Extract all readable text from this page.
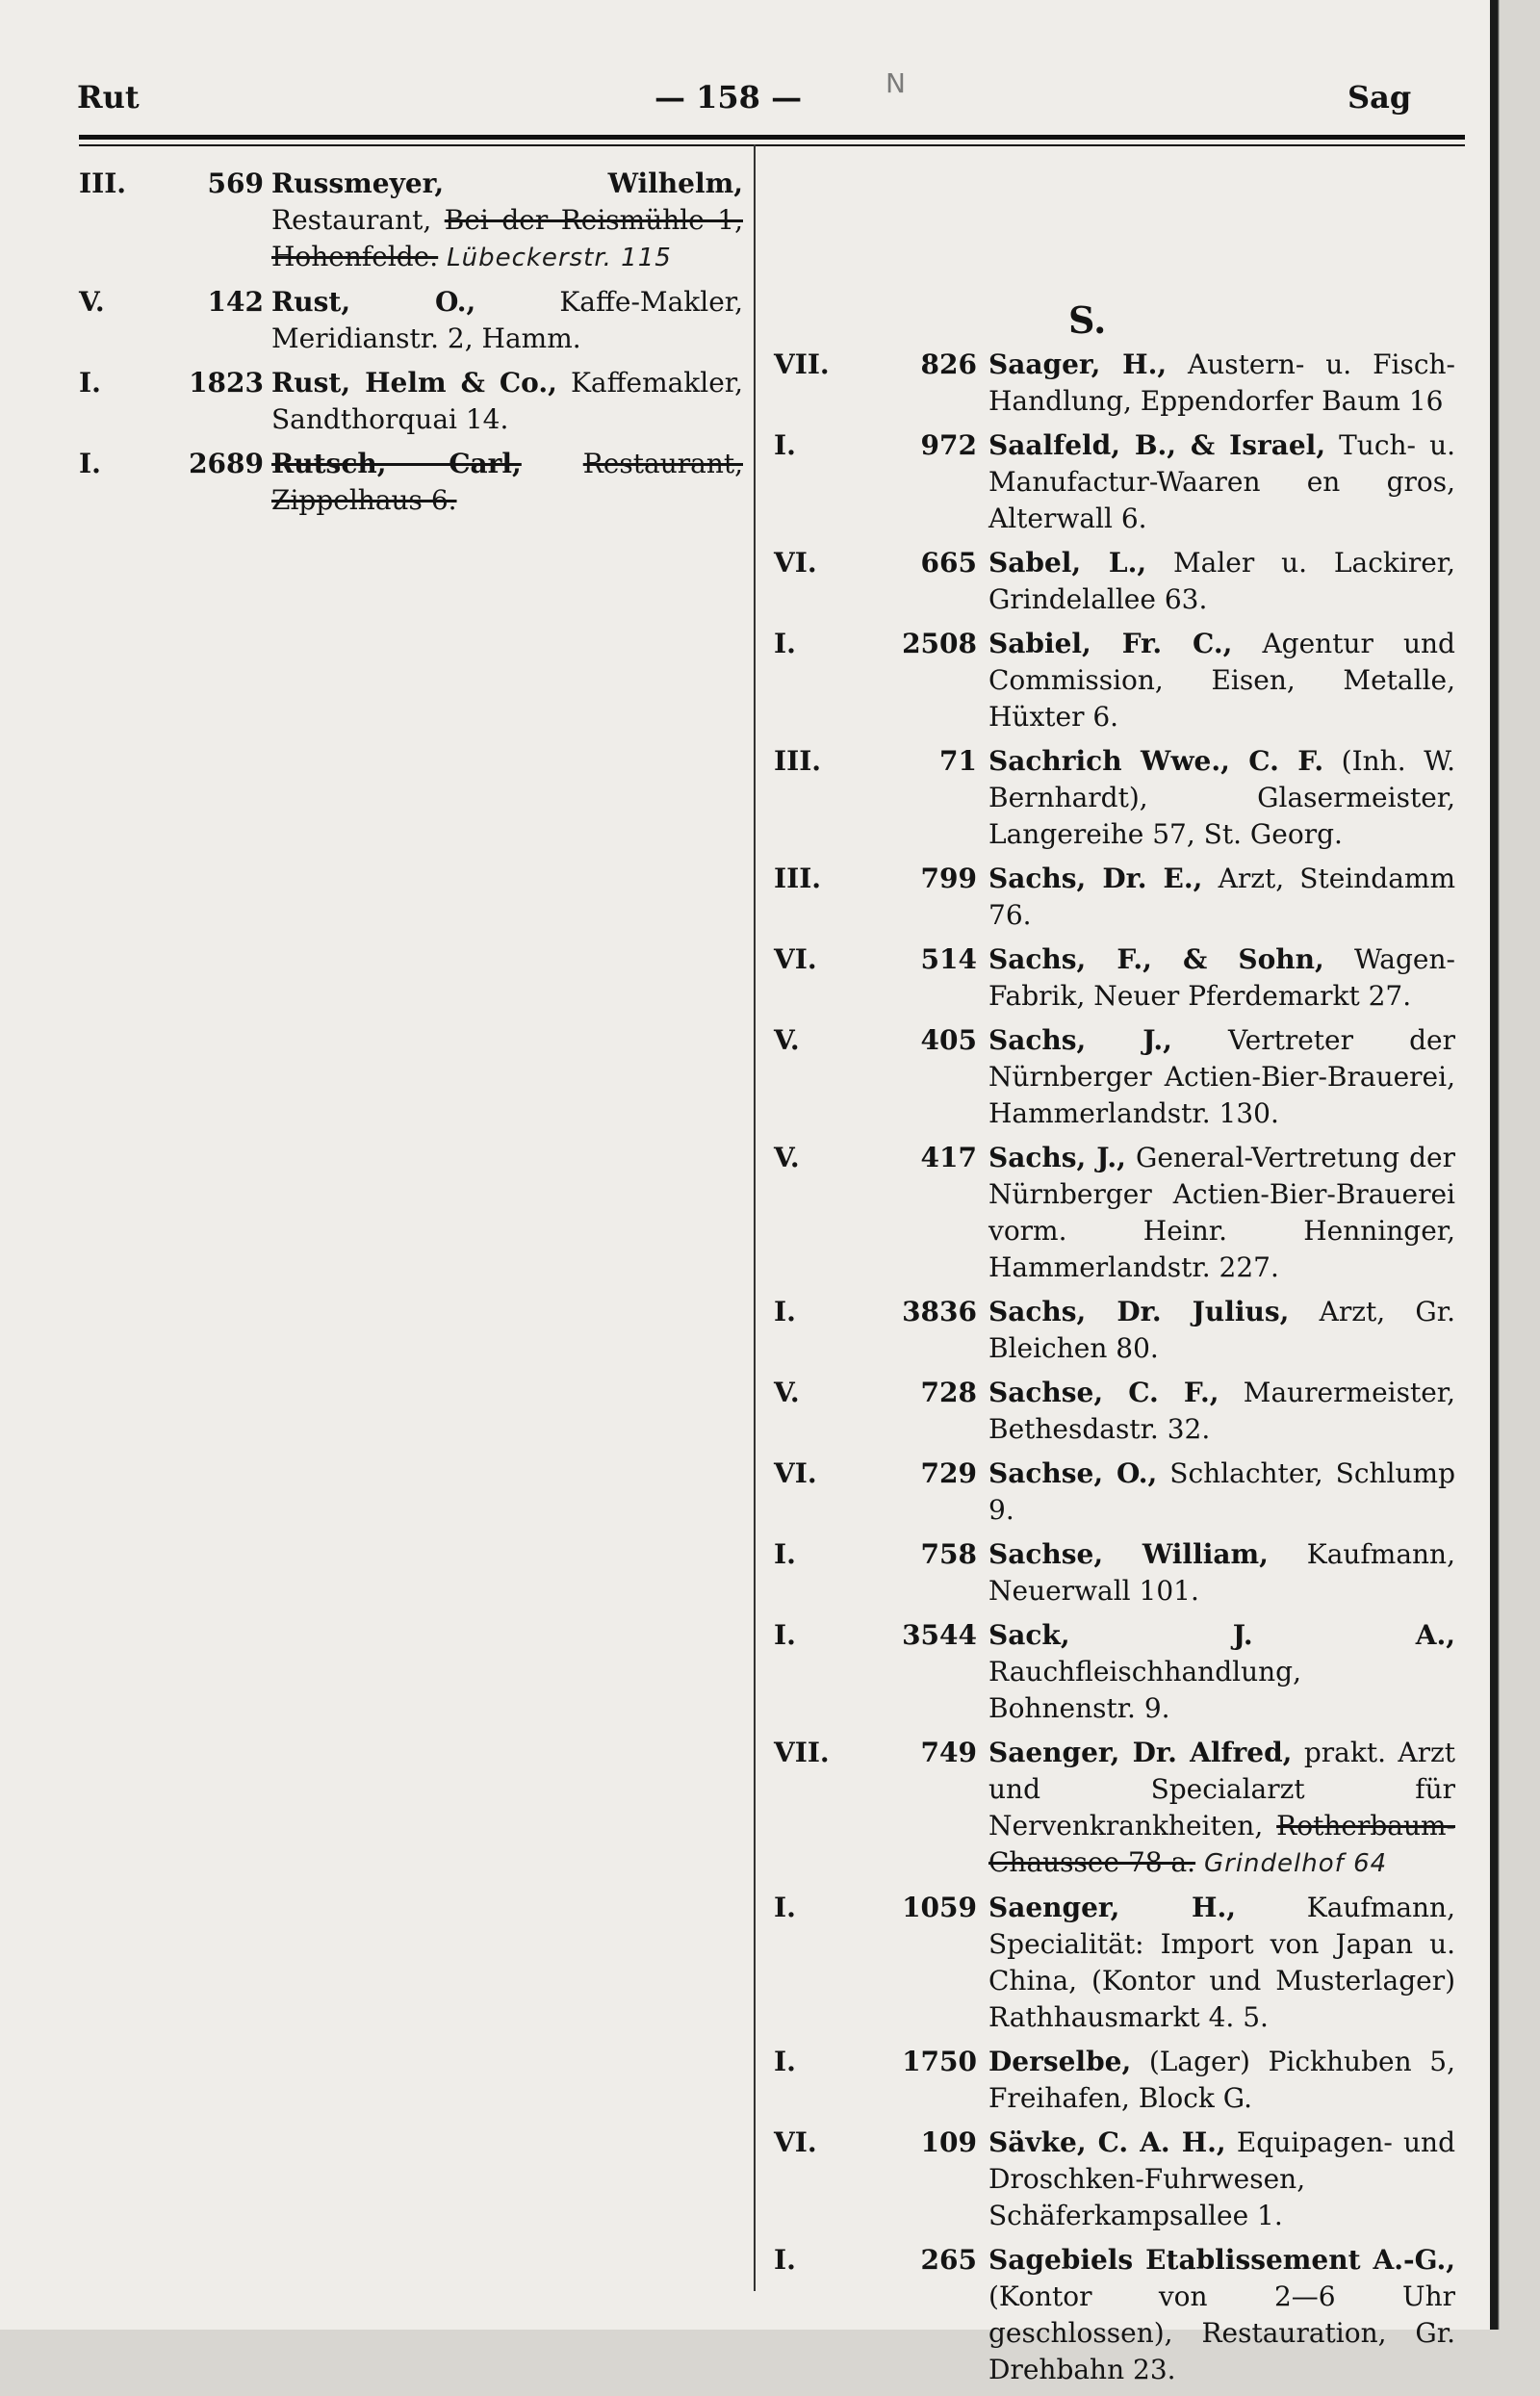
N
Rut	— 158 —	Sag
III.	569 Russmeyer, Wilhelm, Restaurant, Bei der Reismühle 1, Hohenfelde. Lübeckerstr. 115
V.	142 Rust, O., Kaffe-Makler, Meridianstr. 2, Hamm.
I.	1823 Rust, Helm & Co., Kaffemakler, Sandthorquai 14.
I.	2689 Rutsch, Carl, Restaurant, Zippelhaus 6.
S.
VII.	826 Saager, H., Austern- u. Fisch-Handlung, Eppendorfer Baum 16
I.	972 Saalfeld, B., & Israel, Tuch- u. Manufactur-Waaren en gros, Alterwall 6.
VI.	665 Sabel, L., Maler u. Lackirer, Grindelallee 63.
I.	2508 Sabiel, Fr. C., Agentur und Commission, Eisen, Metalle, Hüxter 6.
III.	71 Sachrich Wwe., C. F. (Inh. W. Bernhardt), Glasermeister, Langereihe 57, St. Georg.
III.	799 Sachs, Dr. E., Arzt, Steindamm 76.
VI.	514 Sachs, F., & Sohn, Wagen-Fabrik, Neuer Pferdemarkt 27.
V.	405 Sachs, J., Vertreter der Nürnberger Actien-Bier-Brauerei, Hammerlandstr. 130.
V.	417 Sachs, J., General-Vertretung der Nürnberger Actien-Bier-Brauerei vorm. Heinr. Henninger, Hammerlandstr. 227.
I.	3836 Sachs, Dr. Julius, Arzt, Gr. Bleichen 80.
V.	728 Sachse, C. F., Maurermeister, Bethesdastr. 32.
VI.	729 Sachse, O., Schlachter, Schlump 9.
I.	758 Sachse, William, Kaufmann, Neuerwall 101.
I.	3544 Sack, J. A., Rauchfleischhandlung, Bohnenstr. 9.
VII.	749 Saenger, Dr. Alfred, prakt. Arzt und Specialarzt für Nervenkrankheiten, Rotherbaum-Chaussee 78 a. Grindelhof 64
I.	1059 Saenger, H., Kaufmann, Specialität: Import von Japan u. China, (Kontor und Musterlager) Rathhausmarkt 4. 5.
I.	1750 Derselbe, (Lager) Pickhuben 5, Freihafen, Block G.
VI.	109 Sävke, C. A. H., Equipagen- und Droschken-Fuhrwesen, Schäferkampsallee 1.
I.	265 Sagebiels Etablissement A.-G., (Kontor von 2—6 Uhr geschlossen), Restauration, Gr. Drehbahn 23.
